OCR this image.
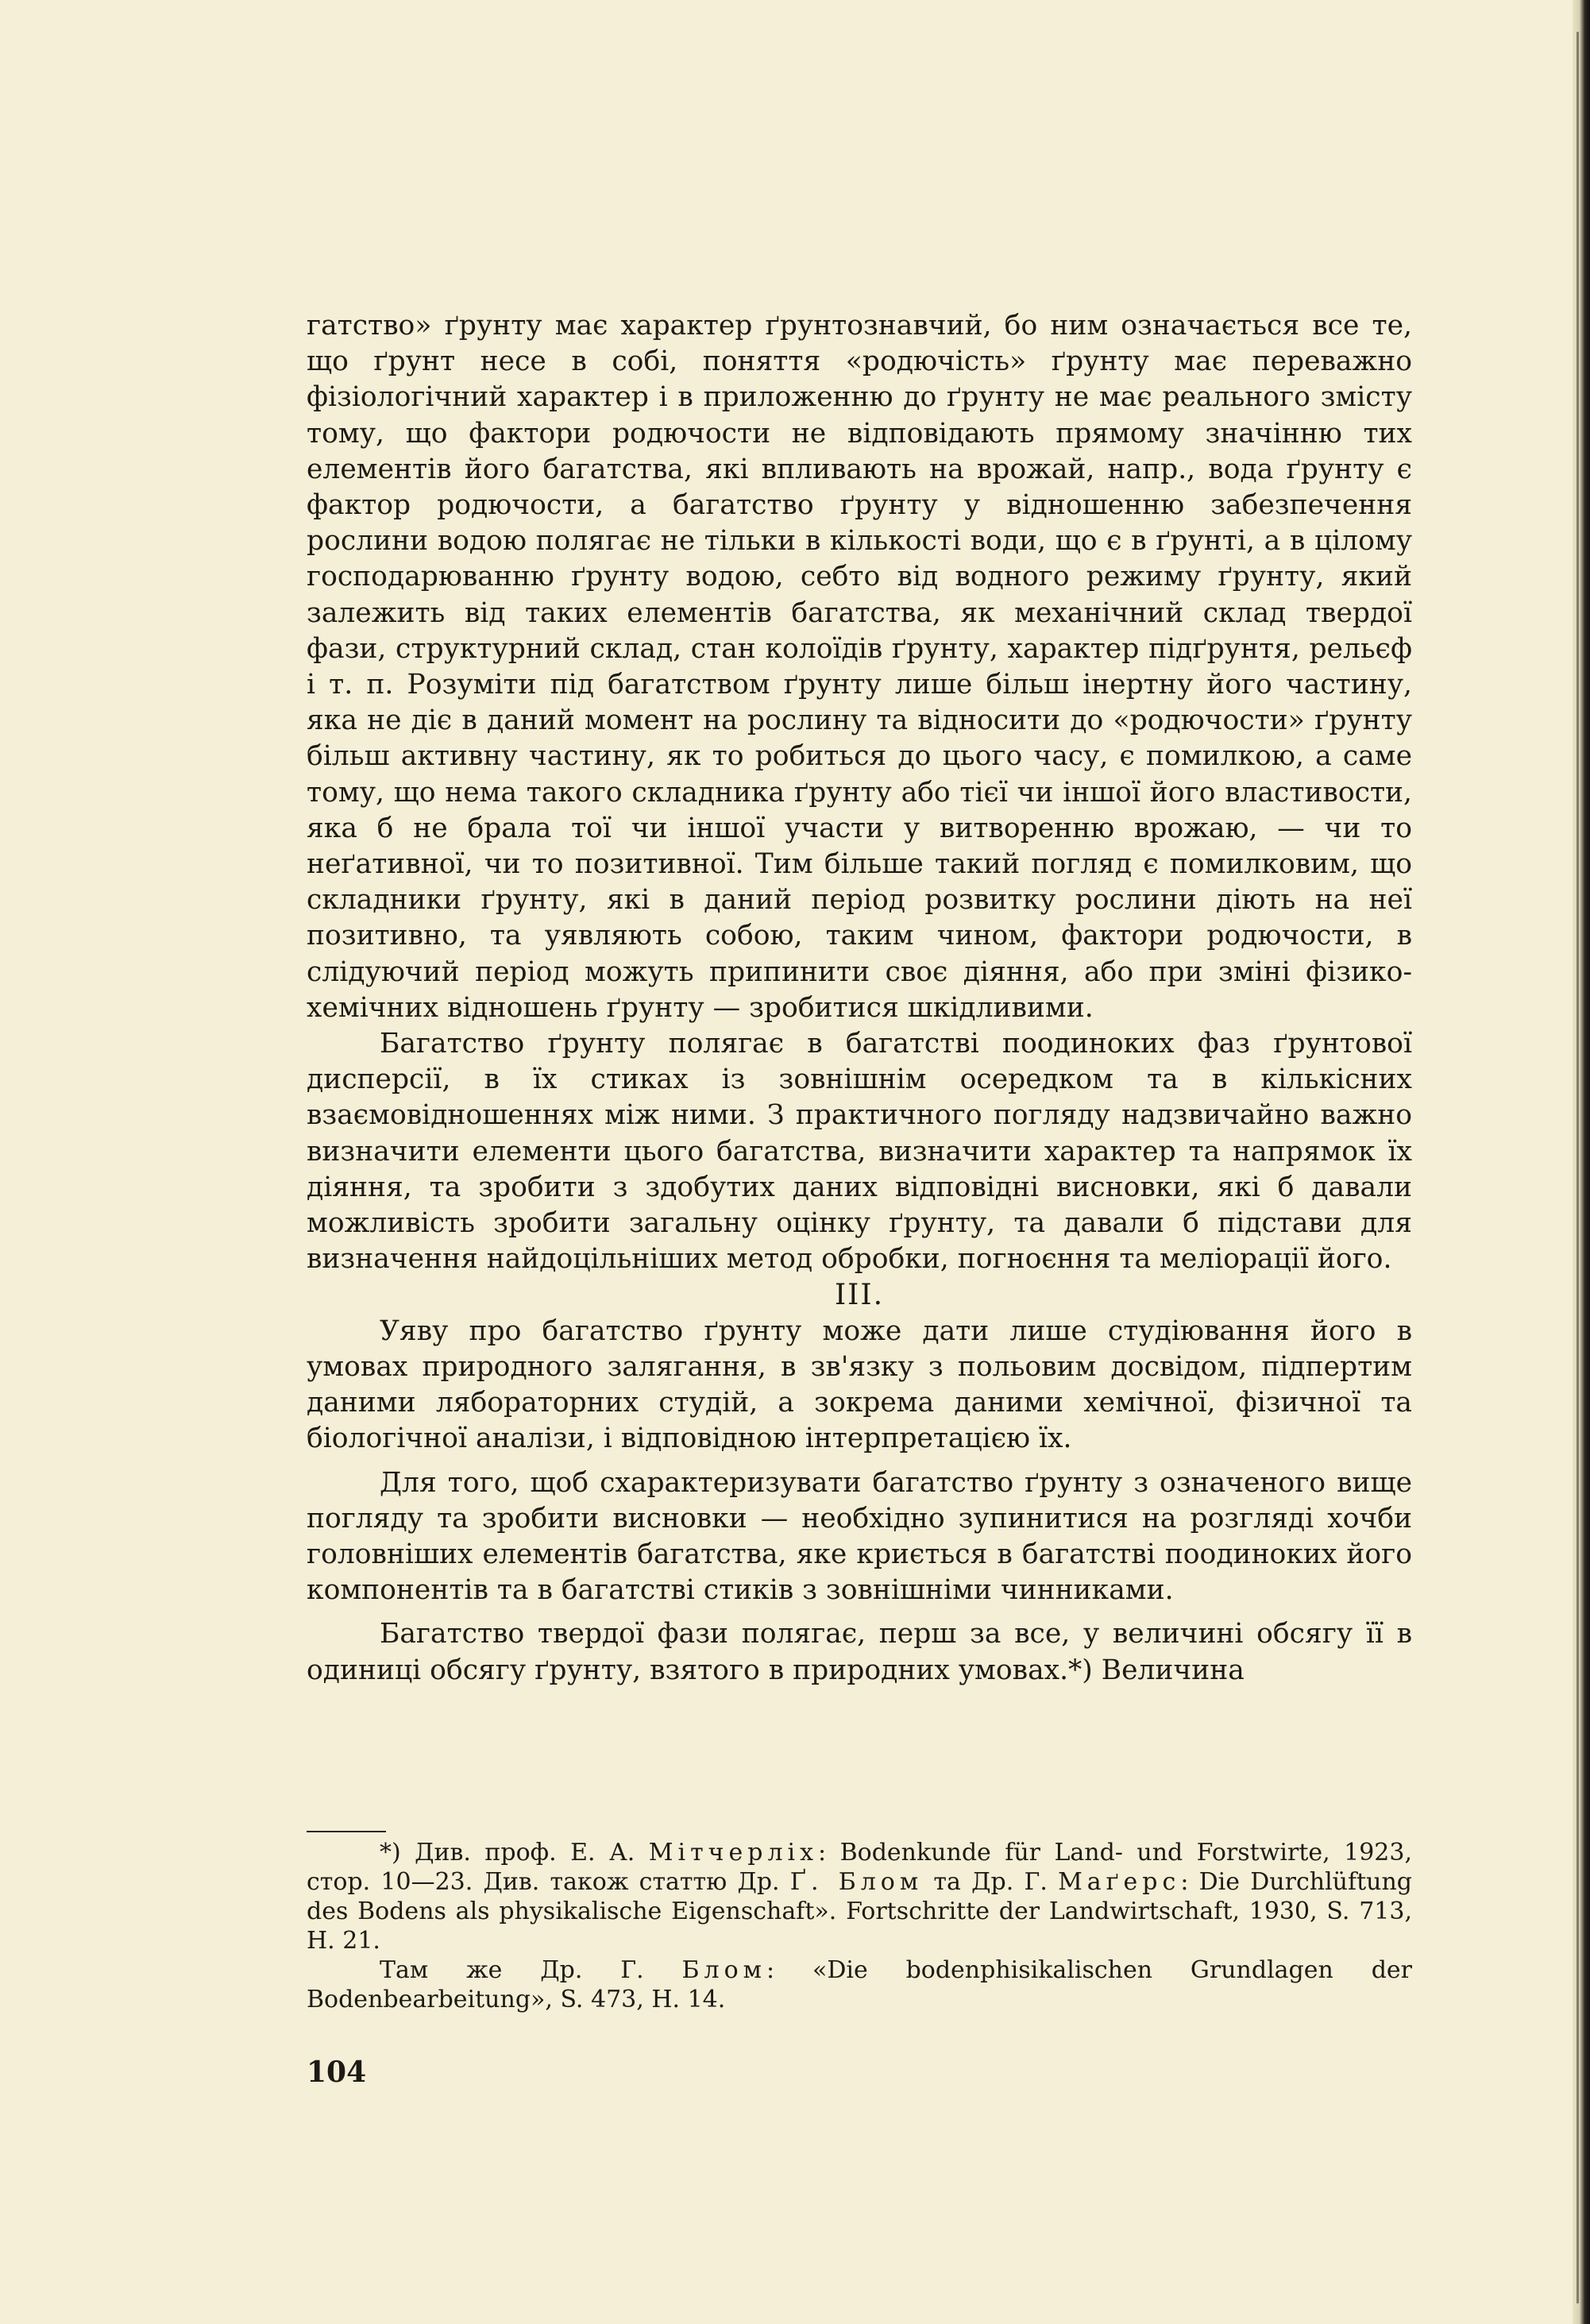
гатство» ґрунту має характер ґрунтознавчий, бо ним означається все те, що ґрунт несе в собі, поняття «родючість» ґрунту має переважно фізіологічний характер і в приложенню до ґрунту не має реального змісту тому, що фактори родючости не відповідають прямому значінню тих елементів його багатства, які впливають на врожай, напр., вода ґрунту є фактор родючости, а багатство ґрунту у відношенню забезпечення рослини водою полягає не тільки в кількості води, що є в ґрунті, а в цілому господарюванню ґрунту водою, себто від водного режиму ґрунту, який залежить від таких елементів багатства, як механічний склад твердої фази, структурний склад, стан колоїдів ґрунту, характер підґрунтя, рельєф і т. п. Розуміти під багатством ґрунту лише більш інертну його частину, яка не діє в даний момент на рослину та відносити до «родючости» ґрунту більш активну частину, як то робиться до цього часу, є помилкою, а саме тому, що нема такого складника ґрунту або тієї чи іншої його властивости, яка б не брала тої чи іншої участи у витворенню врожаю, — чи то неґативної, чи то позитивної. Тим більше такий погляд є помилковим, що складники ґрунту, які в даний період розвитку рослини діють на неї позитивно, та уявляють собою, таким чином, фактори родючости, в слідуючий період можуть припинити своє діяння, або при зміні фізико-хемічних відношень ґрунту — зробитися шкідливими.

Багатство ґрунту полягає в багатстві поодиноких фаз ґрунтової дисперсії, в їх стиках із зовнішнім осередком та в кількісних взаємовідношеннях між ними. З практичного погляду надзвичайно важно визначити елементи цього багатства, визначити характер та напрямок їх діяння, та зробити з здобутих даних відповідні висновки, які б давали можливість зробити загальну оцінку ґрунту, та давали б підстави для визначення найдоцільніших метод обробки, погноєння та меліорації його.

III.

Уяву про багатство ґрунту може дати лише студіювання його в умовах природного залягання, в зв'язку з польовим досвідом, підпертим даними ляборaторних студій, а зокрема даними хемічної, фізичної та біологічної аналізи, і відповідною інтерпретацією їх.

Для того, щоб схарактеризувати багатство ґрунту з означеного вище погляду та зробити висновки — необхідно зупинитися на розгляді хочби головніших елементів багатства, яке криється в багатстві поодиноких його компонентів та в багатстві стиків з зовнішніми чинниками.

Багатство твердої фази полягає, перш за все, у величині обсягу її в одиниці обсягу ґрунту, взятого в природних умовах.*) Величина

*) Див. проф. Е. А. Мітчерліх: Bodenkunde für Land- und Forstwirte, 1923, стор. 10—23. Див. також статтю Др. Ґ. Блом та Др. Г. Маґерс: Die Durchlüftung des Bodens als physikalische Eigenschaft». Fortschritte der Landwirtschaft, 1930, S. 713, H. 21.

Там же Др. Г. Блом: «Die bodenphisikalischen Grundlagen der Bodenbearbeitung», S. 473, H. 14.

104
